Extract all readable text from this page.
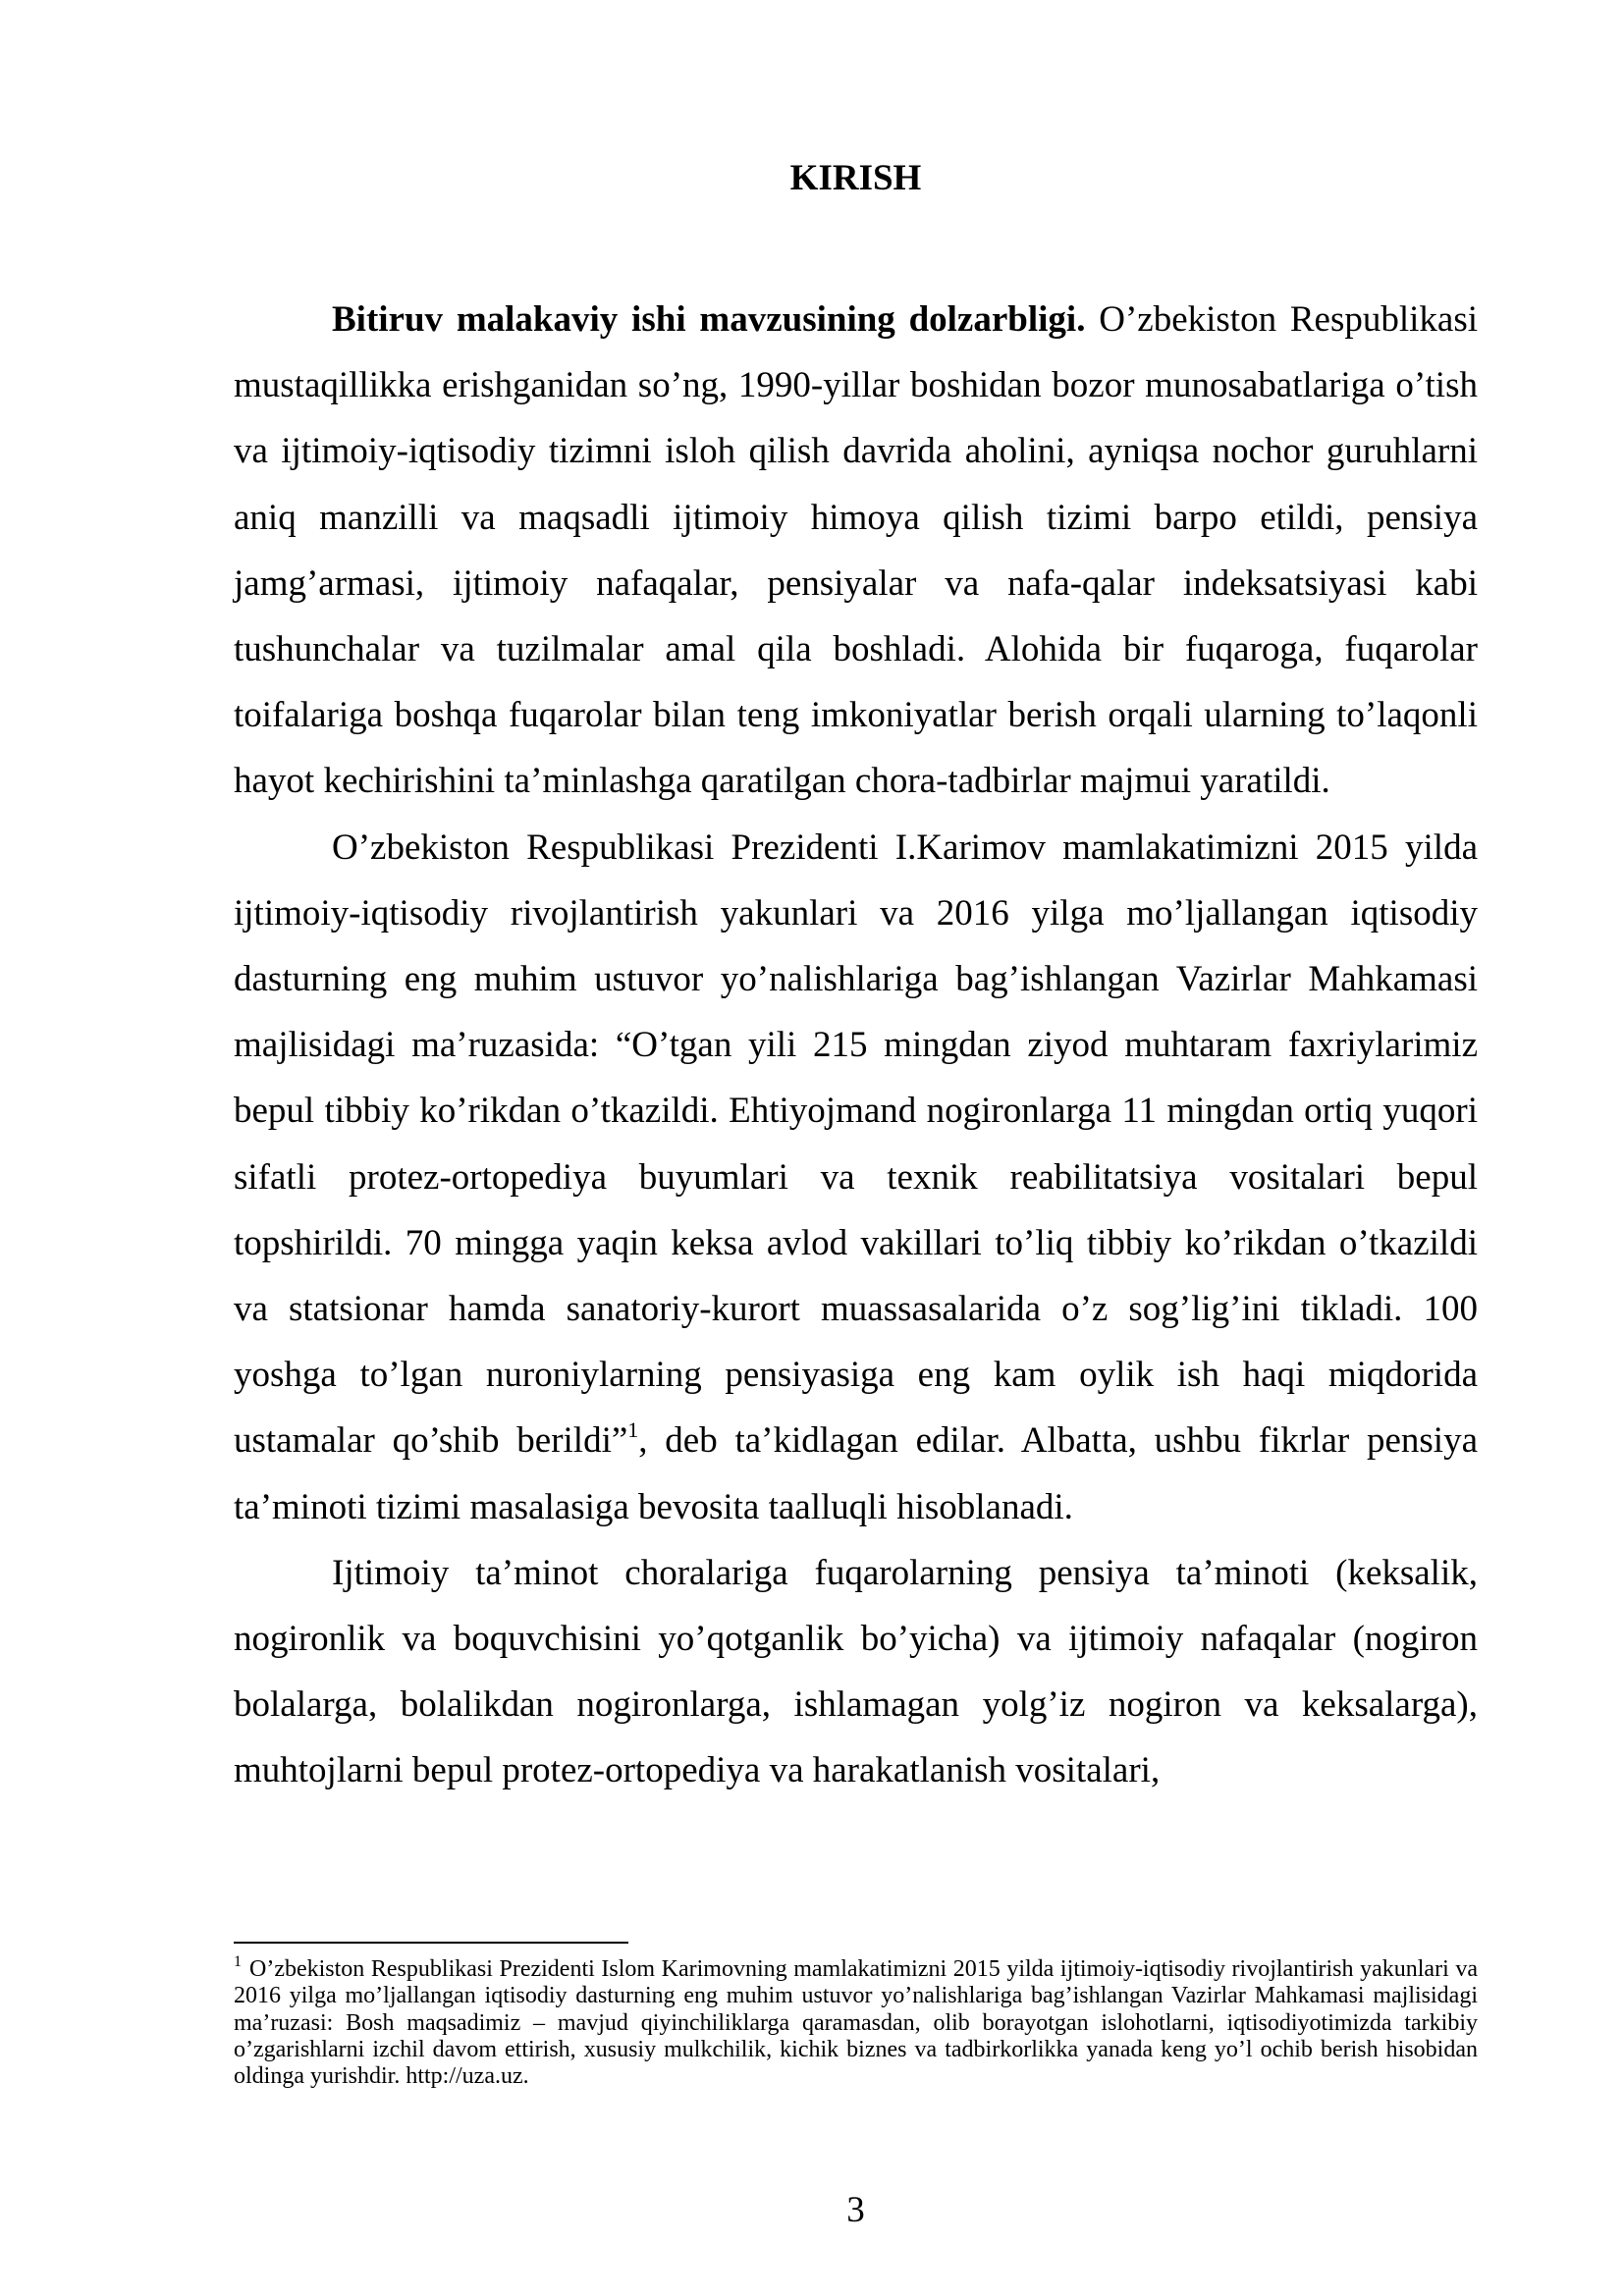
KIRISH

Bitiruv malakaviy ishi mavzusining dolzarbligi. O’zbekiston Respublikasi mustaqillikka erishganidan so’ng, 1990-yillar boshidan bozor munosabatlariga o’tish va ijtimoiy-iqtisodiy tizimni isloh qilish davrida aholini, ayniqsa nochor guruhlarni aniq manzilli va maqsadli ijtimoiy himoya qilish tizimi barpo etildi, pensiya jamg’armasi, ijtimoiy nafaqalar, pensiyalar va nafa-qalar indeksatsiyasi kabi tushunchalar va tuzilmalar amal qila boshladi. Alohida bir fuqaroga, fuqarolar toifalariga boshqa fuqarolar bilan teng imkoniyatlar berish orqali ularning to’laqonli hayot kechirishini ta’minlashga qaratilgan chora-tadbirlar majmui yaratildi.

O’zbekiston Respublikasi Prezidenti I.Karimov mamlakatimizni 2015 yilda ijtimoiy-iqtisodiy rivojlantirish yakunlari va 2016 yilga mo’ljallangan iqtisodiy dasturning eng muhim ustuvor yo’nalishlariga bag’ishlangan Vazirlar Mahkamasi majlisidagi ma’ruzasida: “O’tgan yili 215 mingdan ziyod muhtaram faxriylarimiz bepul tibbiy ko’rikdan o’tkazildi. Ehtiyojmand nogironlarga 11 mingdan ortiq yuqori sifatli protez-ortopediya buyumlari va texnik reabilitatsiya vositalari bepul topshirildi. 70 mingga yaqin keksa avlod vakillari to’liq tibbiy ko’rikdan o’tkazildi va statsionar hamda sanatoriy-kurort muassasalarida o’z sog’lig’ini tikladi. 100 yoshga to’lgan nuroniylarning pensiyasiga eng kam oylik ish haqi miqdorida ustamalar qo’shib berildi”$^1$, deb ta’kidlagan edilar. Albatta, ushbu fikrlar pensiya ta’minoti tizimi masalasiga bevosita taalluqli hisoblanadi.

Ijtimoiy ta’minot choralariga fuqarolarning pensiya ta’minoti (keksalik, nogironlik va boquvchisini yo’qotganlik bo’yicha) va ijtimoiy nafaqalar (nogiron bolalarga, bolalikdan nogironlarga, ishlamagan yolg’iz nogiron va keksalarga), muhtojlarni bepul protez-ortopediya va harakatlanish vositalari,

$^1$ O’zbekiston Respublikasi Prezidenti Islom Karimovning mamlakatimizni 2015 yilda ijtimoiy-iqtisodiy rivojlantirish yakunlari va 2016 yilga mo’ljallangan iqtisodiy dasturning eng muhim ustuvor yo’nalishlariga bag’ishlangan Vazirlar Mahkamasi majlisidagi ma’ruzasi: Bosh maqsadimiz – mavjud qiyinchiliklarga qaramasdan, olib borayotgan islohotlarni, iqtisodiyotimizda tarkibiy o’zgarishlarni izchil davom ettirish, xususiy mulkchilik, kichik biznes va tadbirkorlikka yanada keng yo’l ochib berish hisobidan oldinga yurishdir. http://uza.uz.

3
